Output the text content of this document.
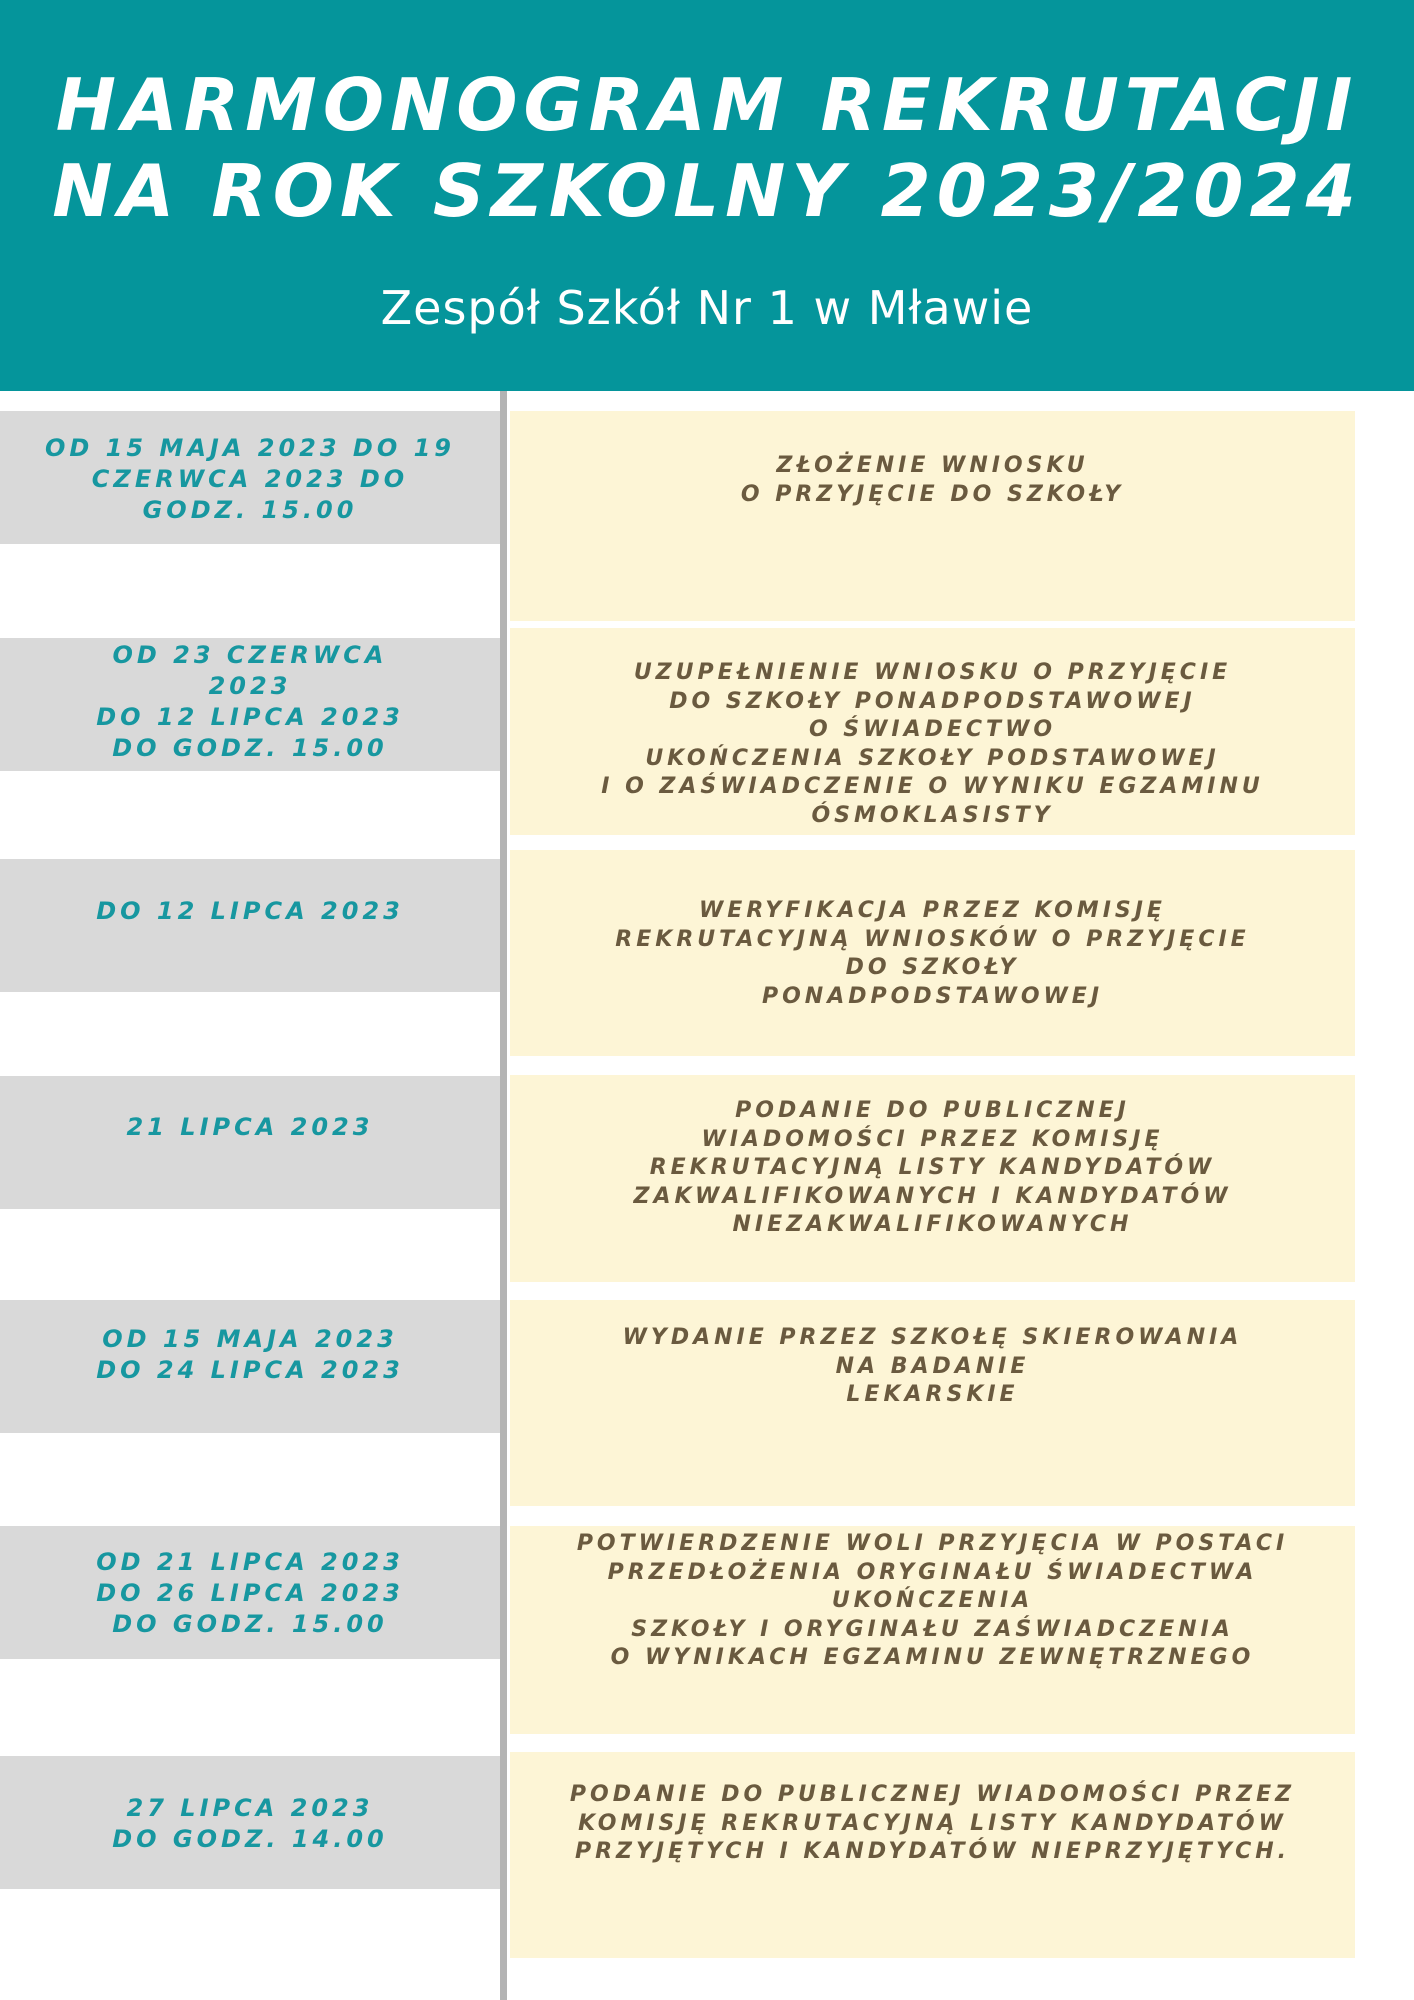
HARMONOGRAM REKRUTACJI
NA ROK SZKOLNY 2023/2024
Zespół Szkół Nr 1 w Mławie
OD 15 MAJA 2023 DO 19
CZERWCA 2023 DO
GODZ. 15.00
ZŁOŻENIE WNIOSKU
O PRZYJĘCIE DO SZKOŁY
OD 23 CZERWCA
2023
DO 12 LIPCA 2023
DO GODZ. 15.00
UZUPEŁNIENIE WNIOSKU O PRZYJĘCIE
DO SZKOŁY PONADPODSTAWOWEJ
O ŚWIADECTWO
UKOŃCZENIA SZKOŁY PODSTAWOWEJ
I O ZAŚWIADCZENIE O WYNIKU EGZAMINU
ÓSMOKLASISTY
DO 12 LIPCA 2023	WERYFIKACJA PRZEZ KOMISJĘ
REKRUTACYJNĄ WNIOSKÓW O PRZYJĘCIE
DO SZKOŁY
PONADPODSTAWOWEJ
21 LIPCA 2023
PODANIE DO PUBLICZNEJ
WIADOMOŚCI PRZEZ KOMISJĘ
REKRUTACYJNĄ LISTY KANDYDATÓW
ZAKWALIFIKOWANYCH I KANDYDATÓW
NIEZAKWALIFIKOWANYCH
OD 15 MAJA 2023
DO 24 LIPCA 2023
WYDANIE PRZEZ SZKOŁĘ SKIEROWANIA
NA BADANIE
LEKARSKIE
OD 21 LIPCA 2023
DO 26 LIPCA 2023
DO GODZ. 15.00
POTWIERDZENIE WOLI PRZYJĘCIA W POSTACI
PRZEDŁOŻENIA ORYGINAŁU ŚWIADECTWA
UKOŃCZENIA
SZKOŁY I ORYGINAŁU ZAŚWIADCZENIA
O WYNIKACH EGZAMINU ZEWNĘTRZNEGO
27 LIPCA 2023
DO GODZ. 14.00
PODANIE DO PUBLICZNEJ WIADOMOŚCI PRZEZ
KOMISJĘ REKRUTACYJNĄ LISTY KANDYDATÓW
PRZYJĘTYCH I KANDYDATÓW NIEPRZYJĘTYCH.
